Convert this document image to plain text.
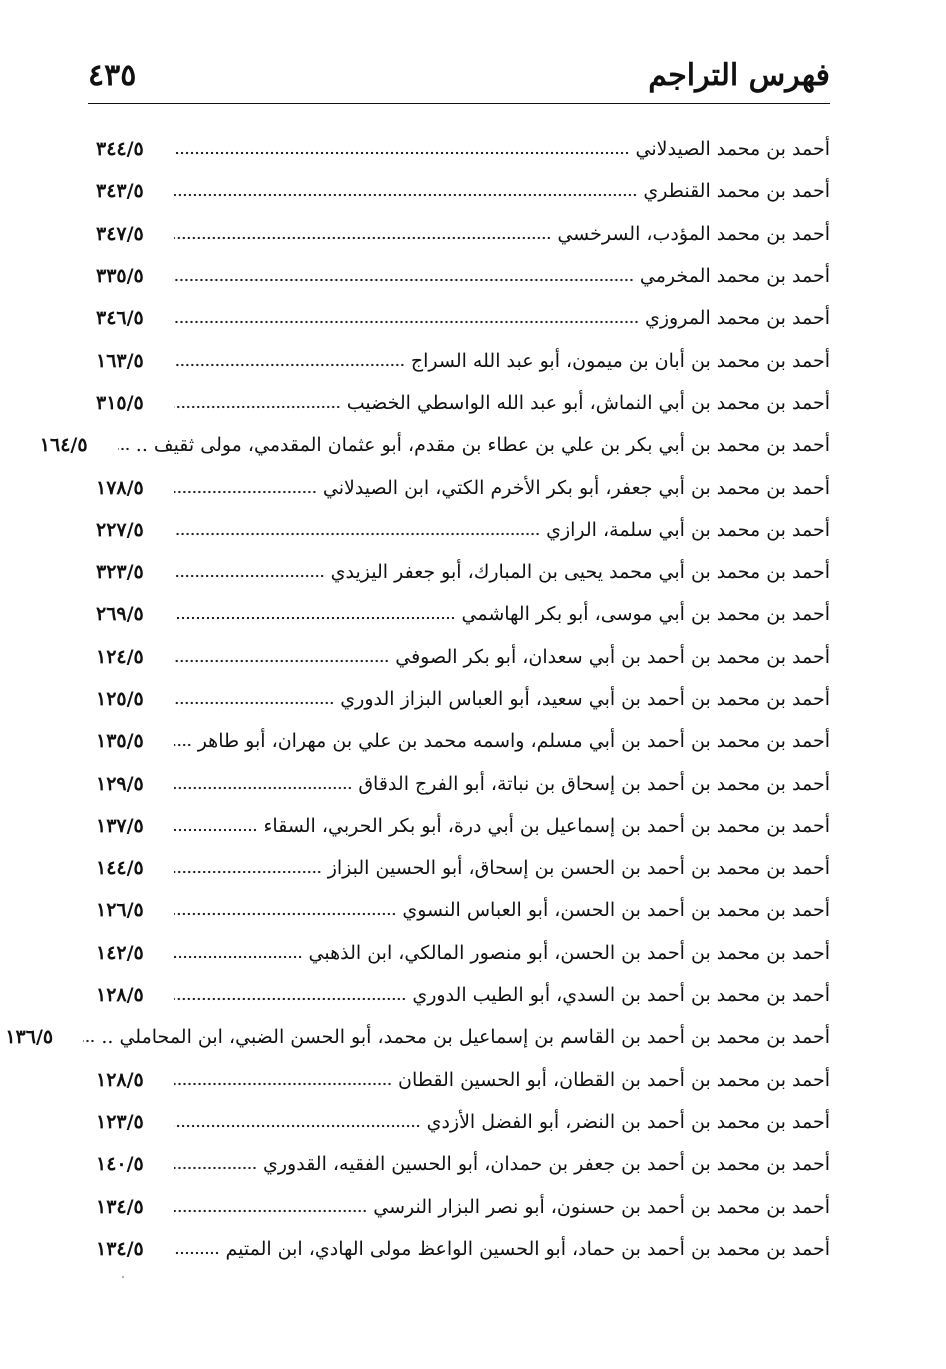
فهرس التراجم
٤٣٥
أحمد بن محمد الصيدلاني
٣٤٤/٥
أحمد بن محمد القنطري
٣٤٣/٥
أحمد بن محمد المؤدب، السرخسي
٣٤٧/٥
أحمد بن محمد المخرمي
٣٣٥/٥
أحمد بن محمد المروزي
٣٤٦/٥
أحمد بن محمد بن أبان بن ميمون، أبو عبد الله السراج
١٦٣/٥
أحمد بن محمد بن أبي النماش، أبو عبد الله الواسطي الخضيب
٣١٥/٥
أحمد بن محمد بن أبي بكر بن علي بن عطاء بن مقدم، أبو عثمان المقدمي، مولى ثقيف ..
١٦٤/٥
أحمد بن محمد بن أبي جعفر، أبو بكر الأخرم الكتي، ابن الصيدلاني
١٧٨/٥
أحمد بن محمد بن أبي سلمة، الرازي
٢٢٧/٥
أحمد بن محمد بن أبي محمد يحيى بن المبارك، أبو جعفر اليزيدي
٣٢٣/٥
أحمد بن محمد بن أبي موسى، أبو بكر الهاشمي
٢٦٩/٥
أحمد بن محمد بن أحمد بن أبي سعدان، أبو بكر الصوفي
١٢٤/٥
أحمد بن محمد بن أحمد بن أبي سعيد، أبو العباس البزاز الدوري
١٢٥/٥
أحمد بن محمد بن أحمد بن أبي مسلم، واسمه محمد بن علي بن مهران، أبو طاهر
١٣٥/٥
أحمد بن محمد بن أحمد بن إسحاق بن نباتة، أبو الفرج الدقاق
١٢٩/٥
أحمد بن محمد بن أحمد بن إسماعيل بن أبي درة، أبو بكر الحربي، السقاء
١٣٧/٥
أحمد بن محمد بن أحمد بن الحسن بن إسحاق، أبو الحسين البزاز
١٤٤/٥
أحمد بن محمد بن أحمد بن الحسن، أبو العباس النسوي
١٢٦/٥
أحمد بن محمد بن أحمد بن الحسن، أبو منصور المالكي، ابن الذهبي
١٤٢/٥
أحمد بن محمد بن أحمد بن السدي، أبو الطيب الدوري
١٢٨/٥
أحمد بن محمد بن أحمد بن القاسم بن إسماعيل بن محمد، أبو الحسن الضبي، ابن المحاملي ..
١٣٦/٥
أحمد بن محمد بن أحمد بن القطان، أبو الحسين القطان
١٢٨/٥
أحمد بن محمد بن أحمد بن النضر، أبو الفضل الأزدي
١٢٣/٥
أحمد بن محمد بن أحمد بن جعفر بن حمدان، أبو الحسين الفقيه، القدوري
١٤٠/٥
أحمد بن محمد بن أحمد بن حسنون، أبو نصر البزار النرسي
١٣٤/٥
أحمد بن محمد بن أحمد بن حماد، أبو الحسين الواعظ مولى الهادي، ابن المتيم
١٣٤/٥
